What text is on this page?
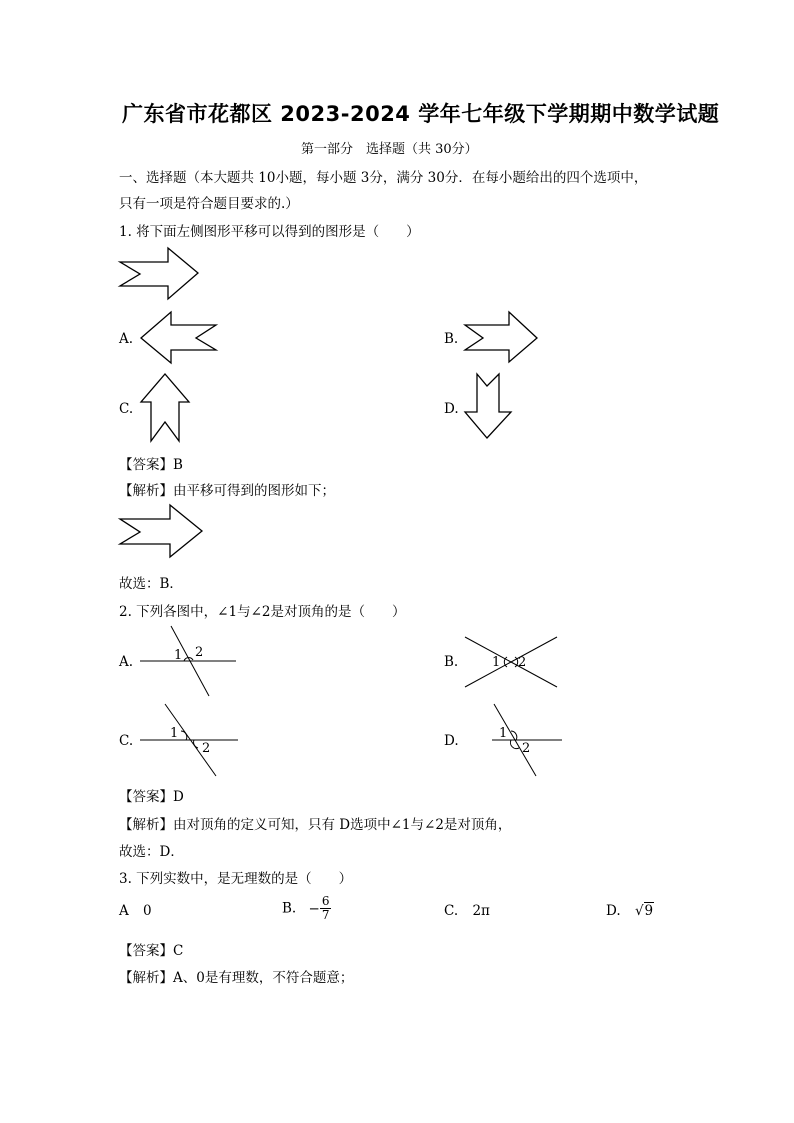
广东省市花都区 2023-2024 学年七年级下学期期中数学试题
第一部分　选择题（共 30分）
一、选择题（本大题共 10小题，每小题 3分，满分 30分．在每小题给出的四个选项中，
只有一项是符合题目要求的.）
1. 将下面左侧图形平移可以得到的图形是（　　）
A.	B.
C.	D.
【答案】B
【解析】由平移可得到的图形如下；
故选：B．
2. 下列各图中，∠1与∠2是对顶角的是（　　）
A.	1 2
B.	1 2
C.	1
2	D.	1
2
【答案】D
【解析】由对顶角的定义可知，只有 D选项中∠1与∠2是对顶角，
故选：D．
3. 下列实数中，是无理数的是（　　）
A 0	B. − $\frac{6}{7}$	C. 2π	D. √9
【答案】C
【解析】A、0是有理数，不符合题意；
